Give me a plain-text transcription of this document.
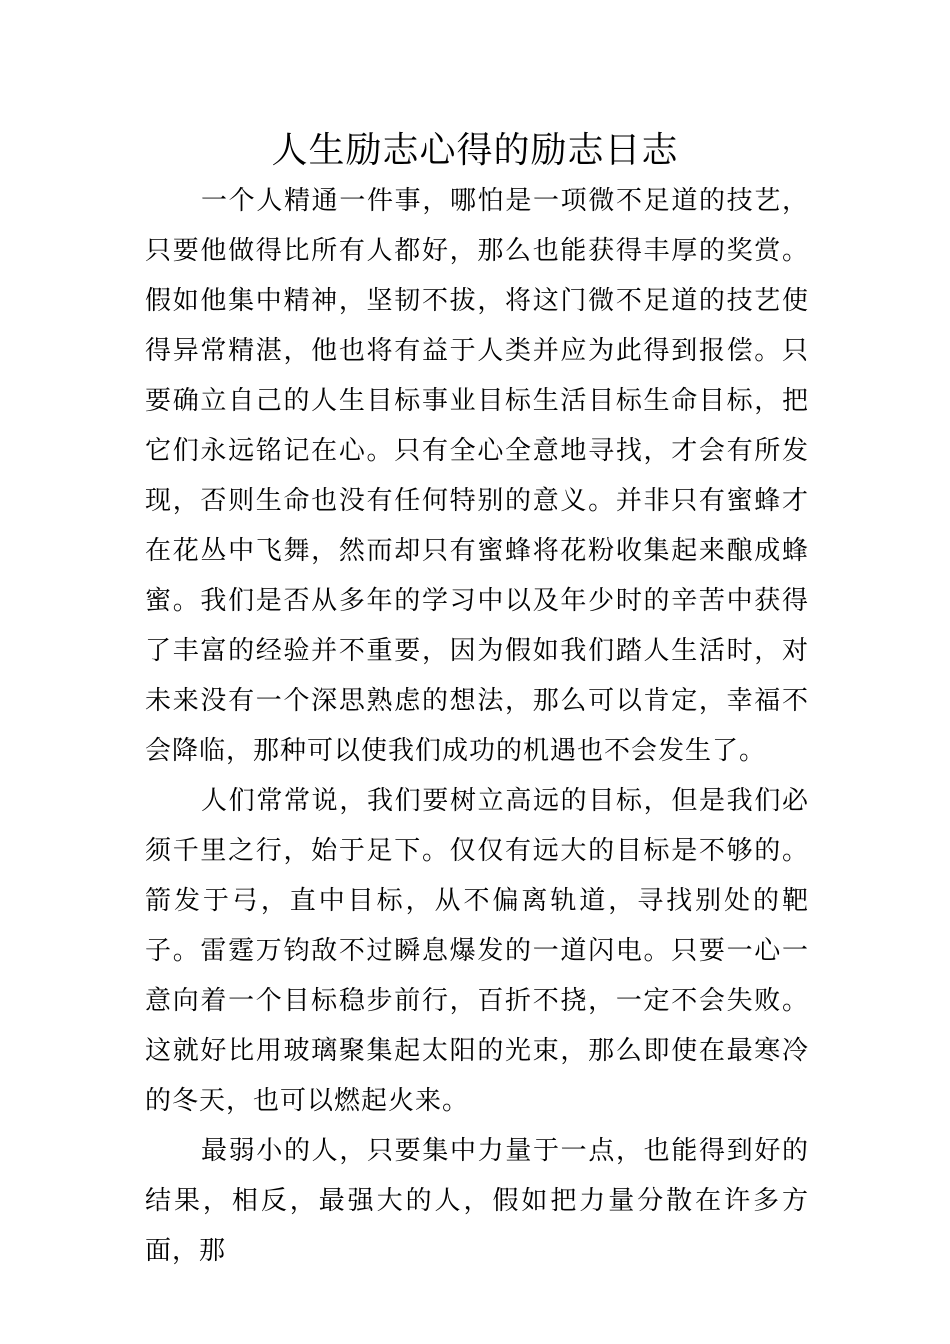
人生励志心得的励志日志

一个人精通一件事，哪怕是一项微不足道的技艺，只要他做得比所有人都好，那么也能获得丰厚的奖赏。假如他集中精神，坚韧不拔，将这门微不足道的技艺使得异常精湛，他也将有益于人类并应为此得到报偿。只要确立自己的人生目标事业目标生活目标生命目标，把它们永远铭记在心。只有全心全意地寻找，才会有所发现，否则生命也没有任何特别的意义。并非只有蜜蜂才在花丛中飞舞，然而却只有蜜蜂将花粉收集起来酿成蜂蜜。我们是否从多年的学习中以及年少时的辛苦中获得了丰富的经验并不重要，因为假如我们踏人生活时，对未来没有一个深思熟虑的想法，那么可以肯定，幸福不会降临，那种可以使我们成功的机遇也不会发生了。

人们常常说，我们要树立高远的目标，但是我们必须千里之行，始于足下。仅仅有远大的目标是不够的。箭发于弓，直中目标，从不偏离轨道，寻找别处的靶子。雷霆万钧敌不过瞬息爆发的一道闪电。只要一心一意向着一个目标稳步前行，百折不挠，一定不会失败。这就好比用玻璃聚集起太阳的光束，那么即使在最寒冷的冬天，也可以燃起火来。

最弱小的人，只要集中力量于一点，也能得到好的结果，相反，最强大的人，假如把力量分散在许多方面，那
